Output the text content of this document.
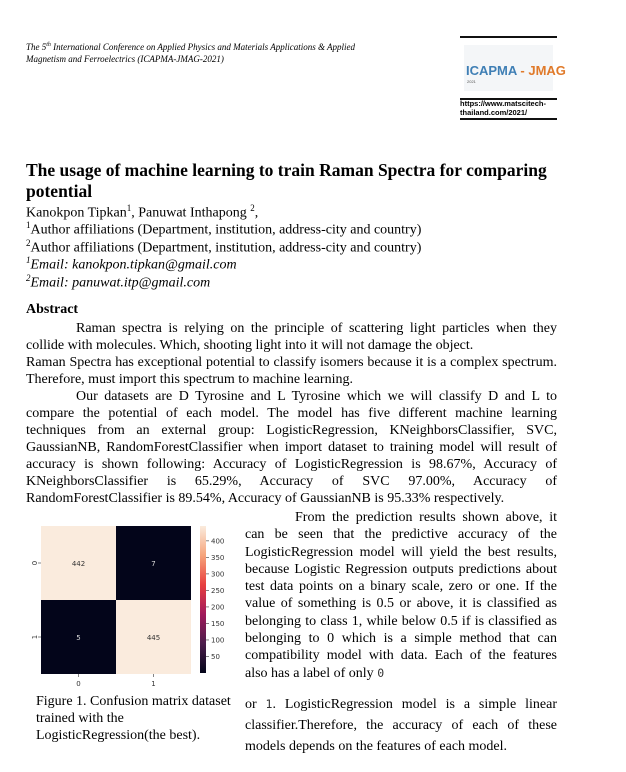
The 5th International Conference on Applied Physics and Materials Applications & Applied
Magnetism and Ferroelectrics (ICAPMA-JMAG-2021)
ICAPMA - JMAG
2021
https://www.matscitech-
thailand.com/2021/
The usage of machine learning to train Raman Spectra for comparing potential
Kanokpon Tipkan$^1$, Panuwat Inthapong $^2$,
$^1$Author affiliations (Department, institution, address-city and country)
$^2$Author affiliations (Department, institution, address-city and country)
$^1$Email: kanokpon.tipkan@gmail.com
$^2$Email: panuwat.itp@gmail.com
Abstract
Raman spectra is relying on the principle of scattering light particles when they collide with molecules. Which, shooting light into it will not damage the object.
Raman Spectra has exceptional potential to classify isomers because it is a complex spectrum. Therefore, must import this spectrum to machine learning.
Our datasets are D Tyrosine and L Tyrosine which we will classify D and L to compare the potential of each model. The model has five different machine learning techniques from an external group: LogisticRegression, KNeighborsClassifier, SVC, GaussianNB, RandomForestClassifier when import dataset to training model will result of accuracy is shown following: Accuracy of LogisticRegression is 98.67%, Accuracy of KNeighborsClassifier is 65.29%, Accuracy of SVC 97.00%, Accuracy of RandomForestClassifier is 89.54%, Accuracy of GaussianNB is 95.33% respectively.
442	7
5	445
400
350
300
250
200
150
100
50
0
1
0	1
Figure 1. Confusion matrix dataset trained with the LogisticRegression(the best).
From the prediction results shown above, it can be seen that the predictive accuracy of the LogisticRegression model will yield the best results, because Logistic Regression outputs predictions about test data points on a binary scale, zero or one. If the value of something is 0.5 or above, it is classified as belonging to class 1, while below 0.5 if is classified as belonging to 0 which is a simple method that can compatibility model with data. Each of the features also has a label of only 0
or 1. LogisticRegression model is a simple linear classifier.Therefore, the accuracy of each of these models depends on the features of each model.
